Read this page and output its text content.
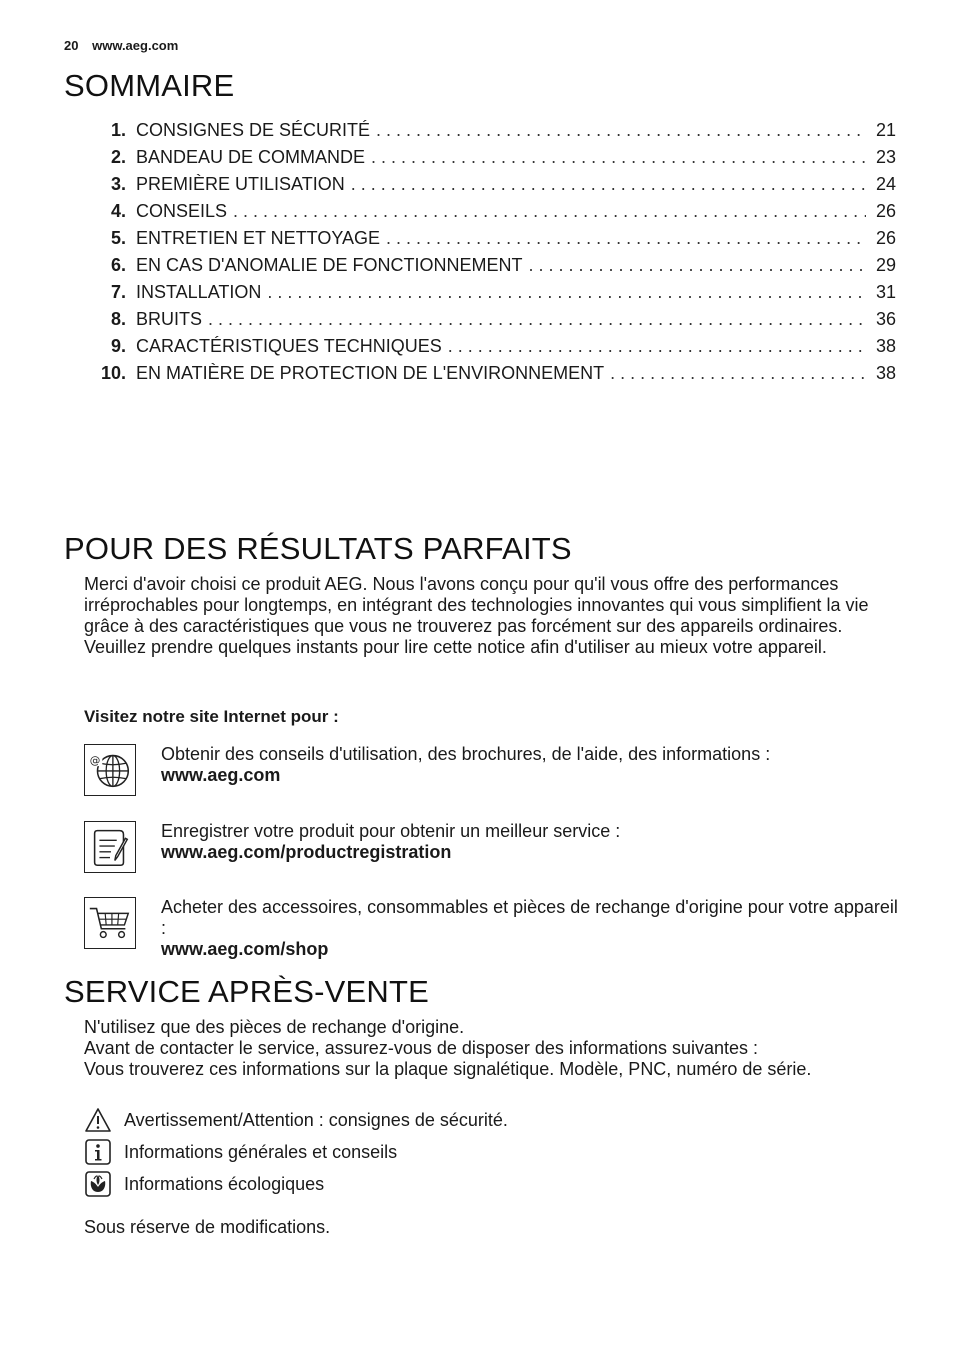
20 www.aeg.com
SOMMAIRE
1. CONSIGNES DE SÉCURITÉ . . .	21
2. BANDEAU DE COMMANDE . . .	23
3. PREMIÈRE UTILISATION . . .	24
4. CONSEILS . . .	26
5. ENTRETIEN ET NETTOYAGE . . .	26
6. EN CAS D'ANOMALIE DE FONCTIONNEMENT . . .	29
7. INSTALLATION . . .	31
8. BRUITS . . .	36
9. CARACTÉRISTIQUES TECHNIQUES . . .	38
10. EN MATIÈRE DE PROTECTION DE L'ENVIRONNEMENT . . .	38
POUR DES RÉSULTATS PARFAITS
Merci d'avoir choisi ce produit AEG. Nous l'avons conçu pour qu'il vous offre des performances irréprochables pour longtemps, en intégrant des technologies innovantes qui vous simplifient la vie grâce à des caractéristiques que vous ne trouverez pas forcément sur des appareils ordinaires. Veuillez prendre quelques instants pour lire cette notice afin d'utiliser au mieux votre appareil.
Visitez notre site Internet pour :
@	Obtenir des conseils d'utilisation, des brochures, de l'aide, des informations :
www.aeg.com
Enregistrer votre produit pour obtenir un meilleur service :
www.aeg.com/productregistration
Acheter des accessoires, consommables et pièces de rechange d'origine pour votre appareil :
www.aeg.com/shop
SERVICE APRÈS-VENTE
N'utilisez que des pièces de rechange d'origine.
Avant de contacter le service, assurez-vous de disposer des informations suivantes :
Vous trouverez ces informations sur la plaque signalétique. Modèle, PNC, numéro de série.
Avertissement/Attention : consignes de sécurité.
Informations générales et conseils
Informations écologiques
Sous réserve de modifications.
